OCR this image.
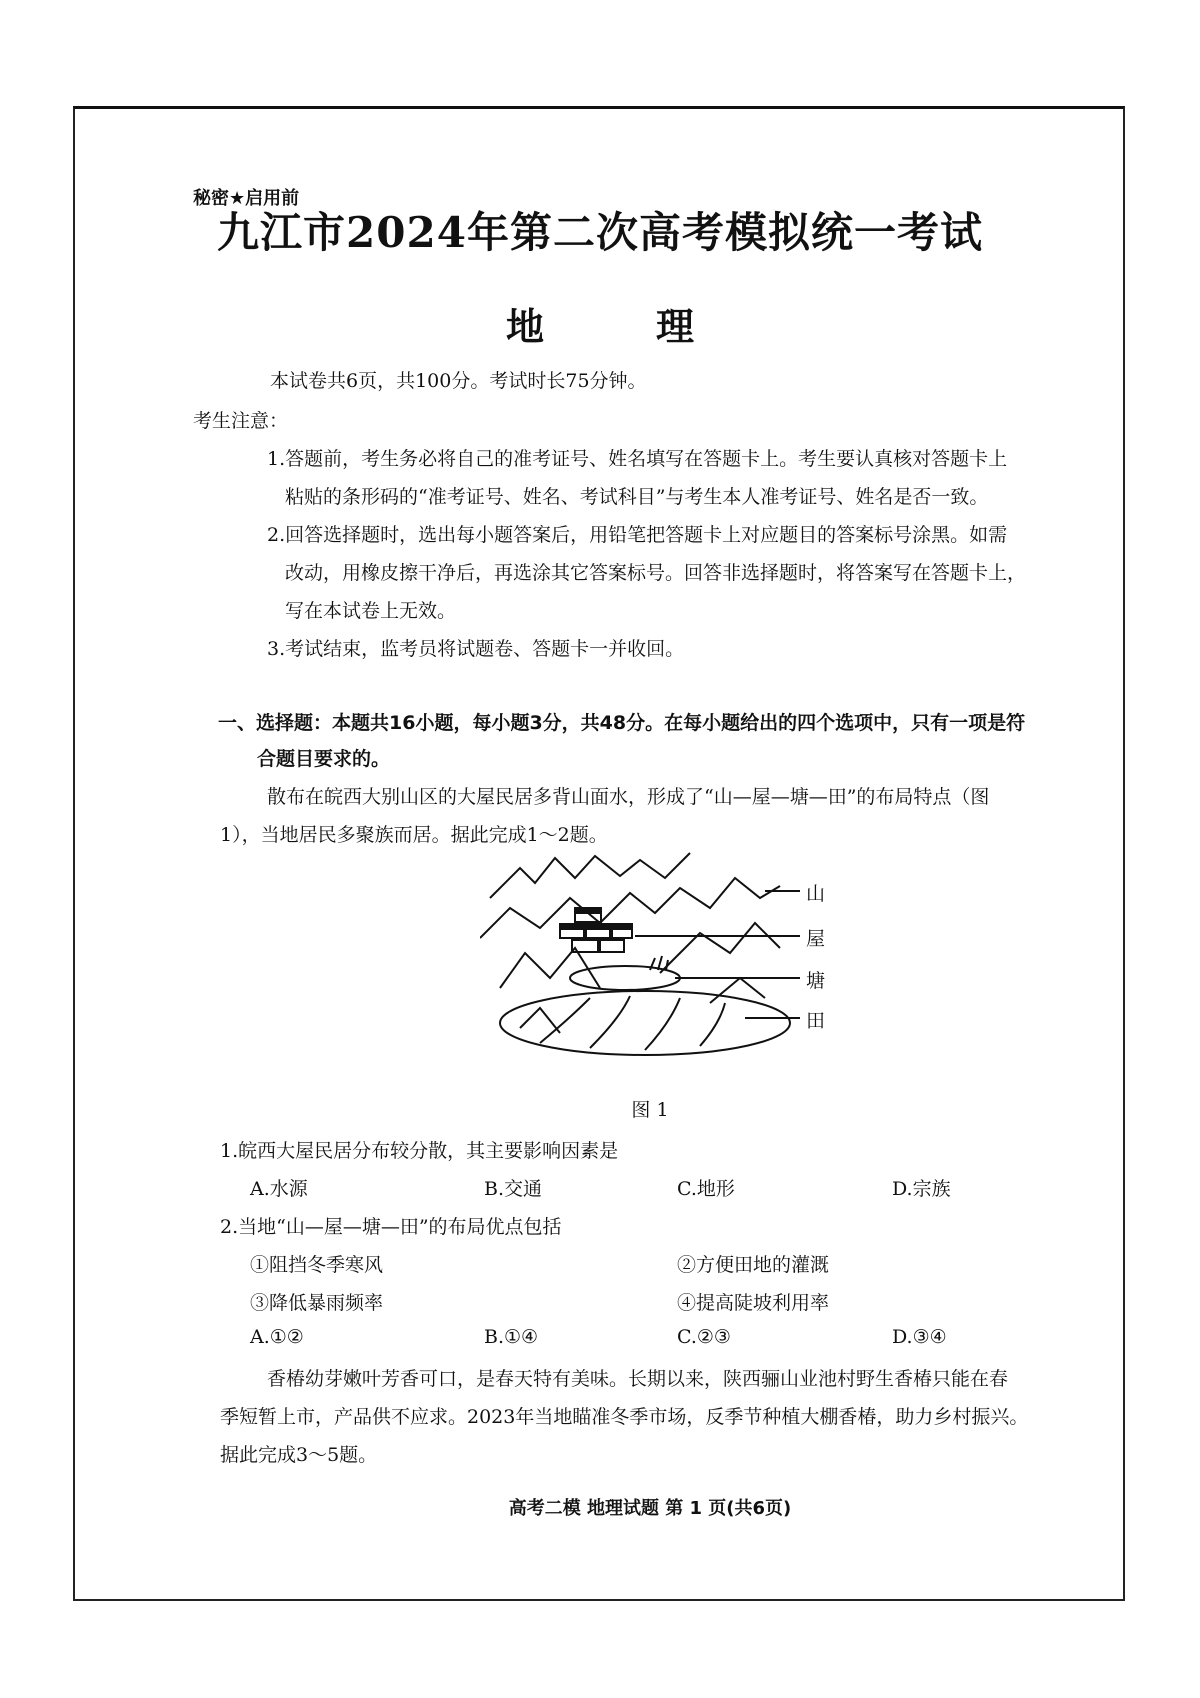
秘密★启用前
九江市2024年第二次高考模拟统一考试
地	理
本试卷共6页，共100分。考试时长75分钟。
考生注意：
1.答题前，考生务必将自己的准考证号、姓名填写在答题卡上。考生要认真核对答题卡上
粘贴的条形码的“准考证号、姓名、考试科目”与考生本人准考证号、姓名是否一致。
2.回答选择题时，选出每小题答案后，用铅笔把答题卡上对应题目的答案标号涂黑。如需
改动，用橡皮擦干净后，再选涂其它答案标号。回答非选择题时，将答案写在答题卡上，
写在本试卷上无效。
3.考试结束，监考员将试题卷、答题卡一并收回。
一、选择题：本题共16小题，每小题3分，共48分。在每小题给出的四个选项中，只有一项是符
合题目要求的。
散布在皖西大别山区的大屋民居多背山面水，形成了“山—屋—塘—田”的布局特点（图
1），当地居民多聚族而居。据此完成1～2题。
山
屋
塘
田
图 1
1.皖西大屋民居分布较分散，其主要影响因素是
A.水源	B.交通	C.地形	D.宗族
2.当地“山—屋—塘—田”的布局优点包括
①阻挡冬季寒风	②方便田地的灌溉
③降低暴雨频率	④提高陡坡利用率
A.①②	B.①④	C.②③	D.③④
香椿幼芽嫩叶芳香可口，是春天特有美味。长期以来，陕西骊山业池村野生香椿只能在春
季短暂上市，产品供不应求。2023年当地瞄准冬季市场，反季节种植大棚香椿，助力乡村振兴。
据此完成3～5题。
高考二模 地理试题 第 1 页(共6页)
